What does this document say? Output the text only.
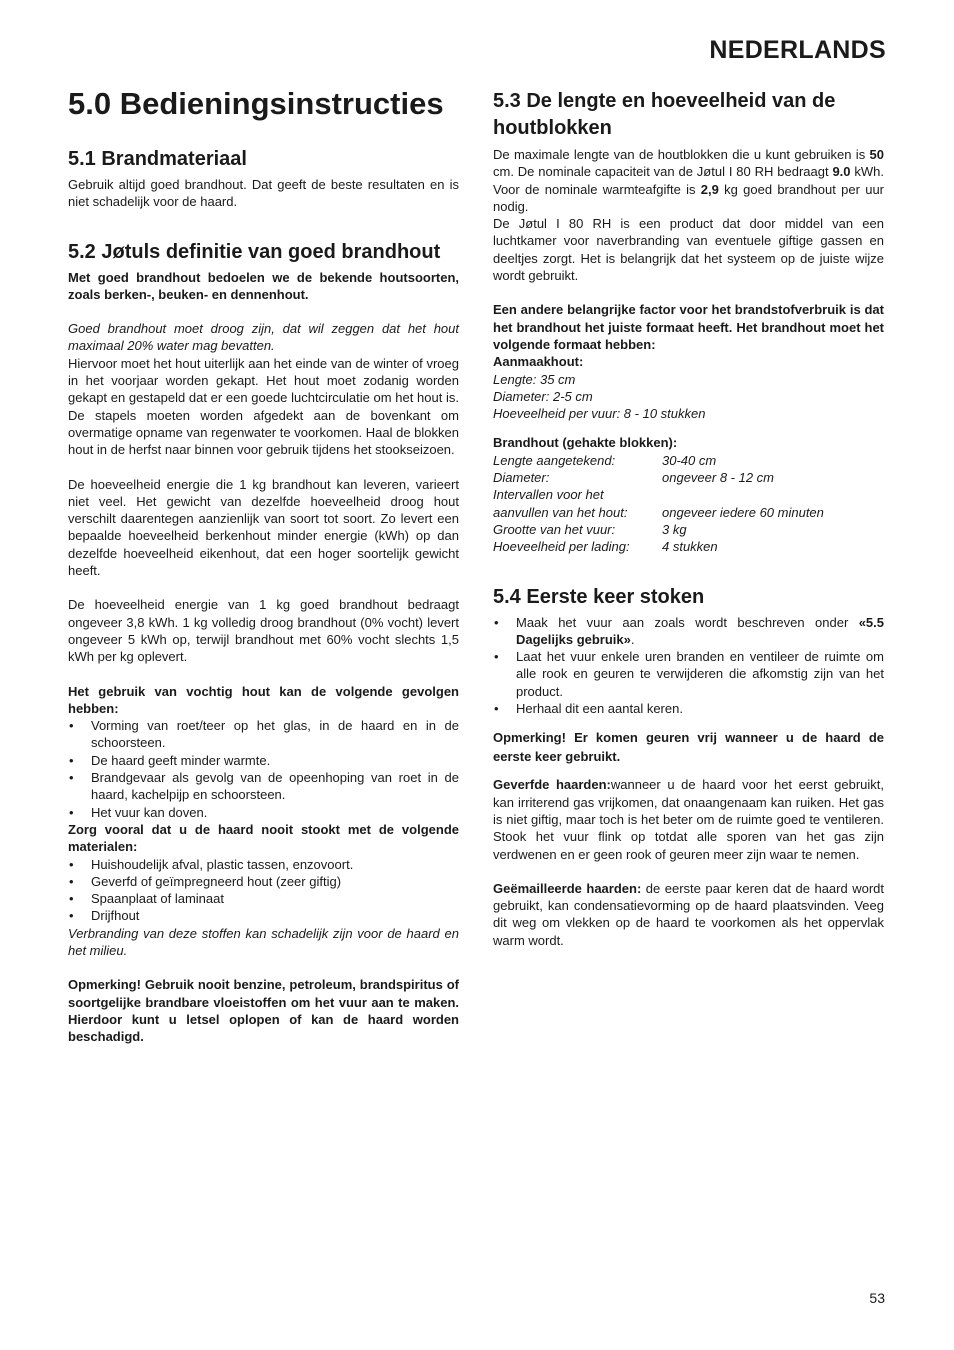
NEDERLANDS
5.0 Bedieningsinstructies
5.1 Brandmateriaal

Gebruik altijd goed brandhout. Dat geeft de beste resultaten en is niet schadelijk voor de haard.

5.2 Jøtuls definitie van goed brandhout

Met goed brandhout bedoelen we de bekende houtsoorten, zoals berken-, beuken- en dennenhout.

Goed brandhout moet droog zijn, dat wil zeggen dat het hout maximaal 20% water mag bevatten.

Hiervoor moet het hout uiterlijk aan het einde van de winter of vroeg in het voorjaar worden gekapt. Het hout moet zodanig worden gekapt en gestapeld dat er een goede luchtcirculatie om het hout is. De stapels moeten worden afgedekt aan de bovenkant om overmatige opname van regenwater te voorkomen. Haal de blokken hout in de herfst naar binnen voor gebruik tijdens het stookseizoen.

De hoeveelheid energie die 1 kg brandhout kan leveren, varieert niet veel. Het gewicht van dezelfde hoeveelheid droog hout verschilt daarentegen aanzienlijk van soort tot soort. Zo levert een bepaalde hoeveelheid berkenhout minder energie (kWh) op dan dezelfde hoeveelheid eikenhout, dat een hoger soortelijk gewicht heeft.

De hoeveelheid energie van 1 kg goed brandhout bedraagt ongeveer 3,8 kWh. 1 kg volledig droog brandhout (0% vocht) levert ongeveer 5 kWh op, terwijl brandhout met 60% vocht slechts 1,5 kWh per kg oplevert.

Het gebruik van vochtig hout kan de volgende gevolgen hebben:

• Vorming van roet/teer op het glas, in de haard en in de schoorsteen.
• De haard geeft minder warmte.
• Brandgevaar als gevolg van de opeenhoping van roet in de haard, kachelpijp en schoorsteen.
• Het vuur kan doven.

Zorg vooral dat u de haard nooit stookt met de volgende materialen:

• Huishoudelijk afval, plastic tassen, enzovoort.
• Geverfd of geïmpregneerd hout (zeer giftig)
• Spaanplaat of laminaat
• Drijfhout

Verbranding van deze stoffen kan schadelijk zijn voor de haard en het milieu.

Opmerking! Gebruik nooit benzine, petroleum, brandspiritus of soortgelijke brandbare vloeistoffen om het vuur aan te maken. Hierdoor kunt u letsel oplopen of kan de haard worden beschadigd.

5.3 De lengte en hoeveelheid van de houtblokken

De maximale lengte van de houtblokken die u kunt gebruiken is 50 cm. De nominale capaciteit van de Jøtul I 80 RH bedraagt 9.0 kWh. Voor de nominale warmteafgifte is 2,9 kg goed brandhout per uur nodig.

De Jøtul I 80 RH is een product dat door middel van een luchtkamer voor naverbranding van eventuele giftige gassen en deeltjes zorgt. Het is belangrijk dat het systeem op de juiste wijze wordt gebruikt.

Een andere belangrijke factor voor het brandstofverbruik is dat het brandhout het juiste formaat heeft. Het brandhout moet het volgende formaat hebben:

Aanmaakhout:

Lengte: 35 cm

Diameter: 2-5 cm

Hoeveelheid per vuur: 8 - 10 stukken

Brandhout (gehakte blokken):

Lengte aangetekend:	30-40 cm
Diameter:	ongeveer 8 - 12 cm
Intervallen voor het
aanvullen van het hout:	ongeveer iedere 60 minuten
Grootte van het vuur:	3 kg
Hoeveelheid per lading:	4 stukken
5.4 Eerste keer stoken
• Maak het vuur aan zoals wordt beschreven onder «5.5 Dagelijks gebruik».
• Laat het vuur enkele uren branden en ventileer de ruimte om alle rook en geuren te verwijderen die afkomstig zijn van het product.
• Herhaal dit een aantal keren.

Opmerking! Er komen geuren vrij wanneer u de haard de eerste keer gebruikt.

Geverfde haarden:wanneer u de haard voor het eerst gebruikt, kan irriterend gas vrijkomen, dat onaangenaam kan ruiken. Het gas is niet giftig, maar toch is het beter om de ruimte goed te ventileren. Stook het vuur flink op totdat alle sporen van het gas zijn verdwenen en er geen rook of geuren meer zijn waar te nemen.

Geëmailleerde haarden: de eerste paar keren dat de haard wordt gebruikt, kan condensatievorming op de haard plaatsvinden. Veeg dit weg om vlekken op de haard te voorkomen als het oppervlak warm wordt.

53
